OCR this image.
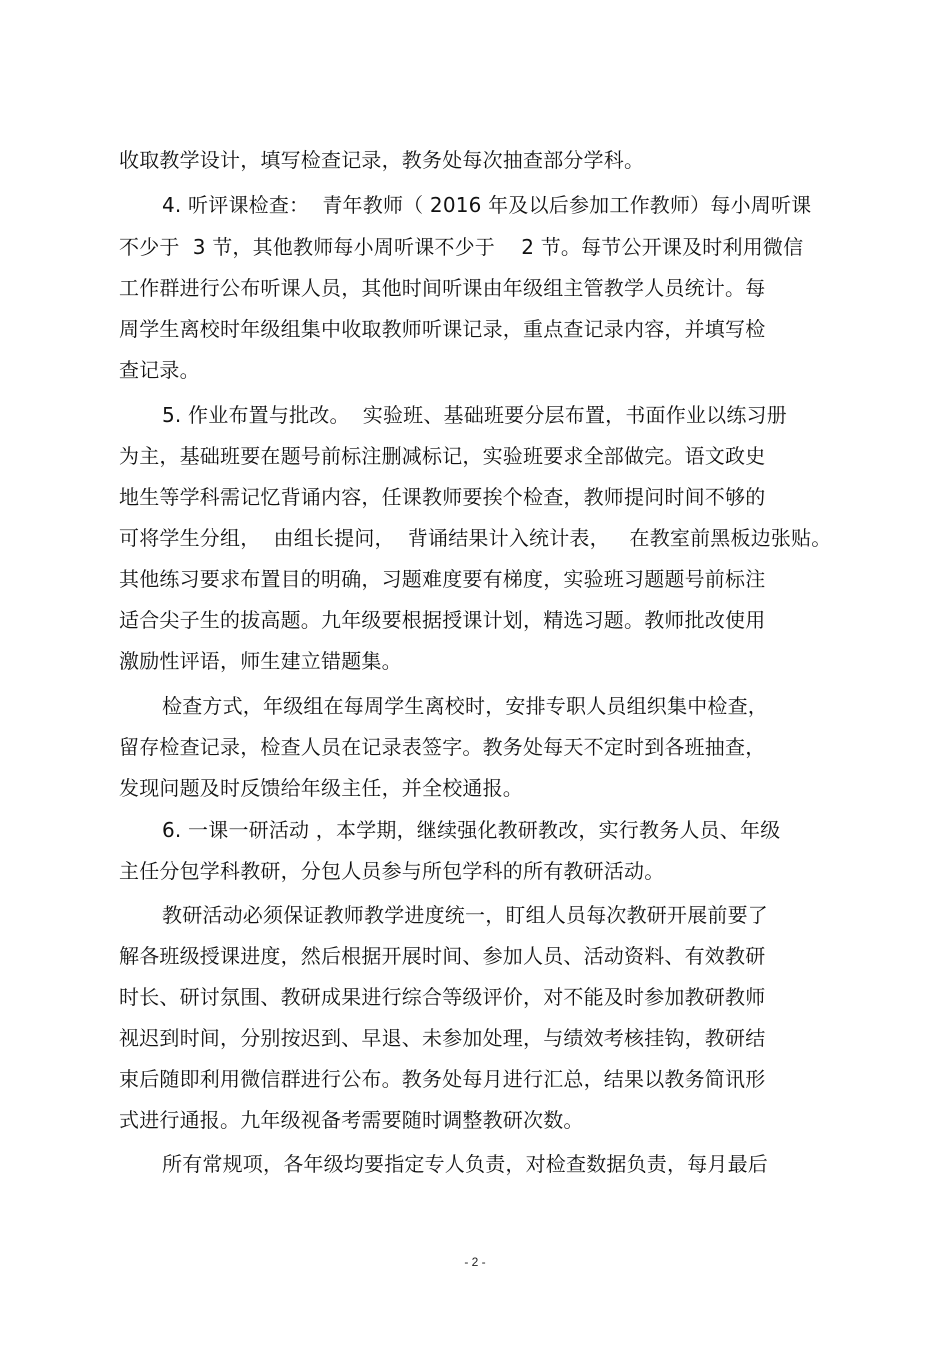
收取教学设计，填写检查记录，教务处每次抽查部分学科。
4. 听评课检查：  青年教师（ 2016 年及以后参加工作教师）每小周听课
不少于  3 节，其他教师每小周听课不少于    2 节。每节公开课及时利用微信
工作群进行公布听课人员，其他时间听课由年级组主管教学人员统计。每
周学生离校时年级组集中收取教师听课记录，重点查记录内容，并填写检
查记录。
5. 作业布置与批改。  实验班、基础班要分层布置，书面作业以练习册
为主，基础班要在题号前标注删减标记，实验班要求全部做完。语文政史
地生等学科需记忆背诵内容，任课教师要挨个检查，教师提问时间不够的
可将学生分组，  由组长提问，  背诵结果计入统计表，   在教室前黑板边张贴。
其他练习要求布置目的明确，习题难度要有梯度，实验班习题题号前标注
适合尖子生的拔高题。九年级要根据授课计划，精选习题。教师批改使用
激励性评语，师生建立错题集。
检查方式，年级组在每周学生离校时，安排专职人员组织集中检查，
留存检查记录，检查人员在记录表签字。教务处每天不定时到各班抽查，
发现问题及时反馈给年级主任，并全校通报。
6. 一课一研活动 ，本学期，继续强化教研教改，实行教务人员、年级
主任分包学科教研，分包人员参与所包学科的所有教研活动。
教研活动必须保证教师教学进度统一，盯组人员每次教研开展前要了
解各班级授课进度，然后根据开展时间、参加人员、活动资料、有效教研
时长、研讨氛围、教研成果进行综合等级评价，对不能及时参加教研教师
视迟到时间，分别按迟到、早退、未参加处理，与绩效考核挂钩，教研结
束后随即利用微信群进行公布。教务处每月进行汇总，结果以教务简讯形
式进行通报。九年级视备考需要随时调整教研次数。
所有常规项，各年级均要指定专人负责，对检查数据负责，每月最后
- 2 -
